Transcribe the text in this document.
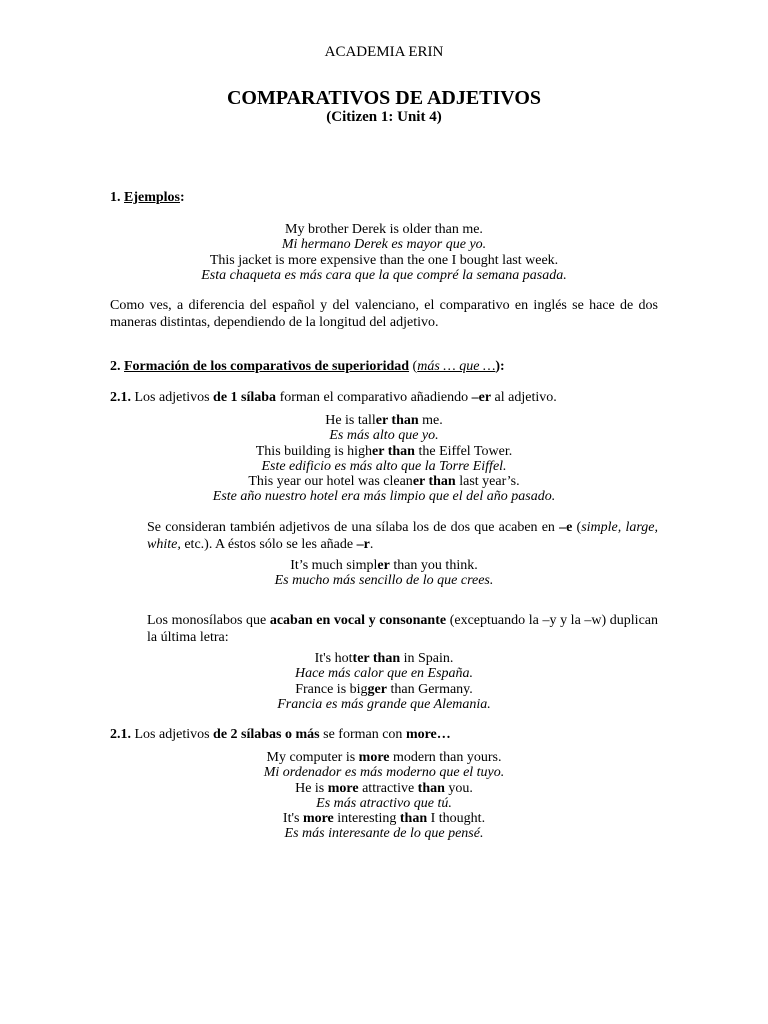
ACADEMIA ERIN
COMPARATIVOS DE ADJETIVOS
(Citizen 1: Unit 4)
1. Ejemplos:
My brother Derek is older than me.
Mi hermano Derek es mayor que yo.
This jacket is more expensive than the one I bought last week.
Esta chaqueta es más cara que la que compré la semana pasada.
Como ves, a diferencia del español y del valenciano, el comparativo en inglés se hace de dos maneras distintas, dependiendo de la longitud del adjetivo.
2. Formación de los comparativos de superioridad (más … que …):
2.1. Los adjetivos de 1 sílaba forman el comparativo añadiendo –er al adjetivo.
He is taller than me.
Es más alto que yo.
This building is higher than the Eiffel Tower.
Este edificio es más alto que la Torre Eiffel.
This year our hotel was cleaner than last year’s.
Este año nuestro hotel era más limpio que el del año pasado.
Se consideran también adjetivos de una sílaba los de dos que acaben en –e (simple, large, white, etc.). A éstos sólo se les añade –r.
It’s much simpler than you think.
Es mucho más sencillo de lo que crees.
Los monosílabos que acaban en vocal y consonante (exceptuando la –y y la –w) duplican la última letra:
It's hotter than in Spain.
Hace más calor que en España.
France is bigger than Germany.
Francia es más grande que Alemania.
2.1. Los adjetivos de 2 sílabas o más se forman con more…
My computer is more modern than yours.
Mi ordenador es más moderno que el tuyo.
He is more attractive than you.
Es más atractivo que tú.
It's more interesting than I thought.
Es más interesante de lo que pensé.
